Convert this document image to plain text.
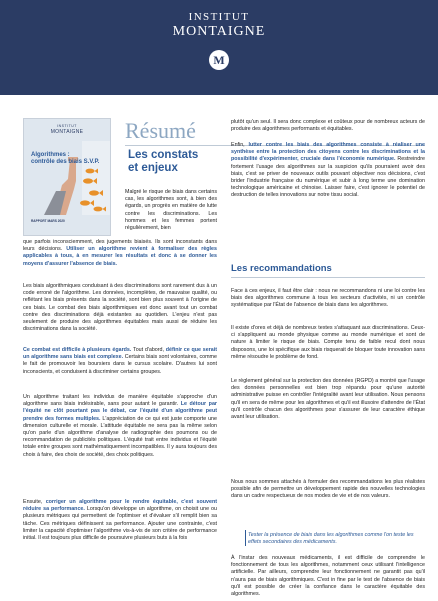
INSTITUT
MONTAIGNE
M
INSTITUT
MONTAIGNE
Algorithmes :
contrôle des biais S.V.P.
RAPPORT MARS 2020
Résumé
Les constats
et enjeux

Malgré le risque de biais dans certains cas, les algorithmes sont, à bien des égards, un progrès en matière de lutte contre les discriminations. Les hommes et les femmes portent régulièrement, bien

que parfois inconsciemment, des jugements biaisés. Ils sont inconstants dans leurs décisions. Utiliser un algorithme revient à formaliser des règles applicables à tous, à en mesurer les résultats et donc à se donner les moyens d'assurer l'absence de biais.

Les biais algorithmiques conduisant à des discriminations sont rarement dus à un code erroné de l'algorithme. Les données, incomplètes, de mauvaise qualité, ou reflétant les biais présents dans la société, sont bien plus souvent à l'origine de ces biais. Le combat des biais algorithmiques est donc avant tout un combat contre des discriminations déjà existantes au quotidien. L'enjeu n'est pas seulement de produire des algorithmes équitables mais aussi de réduire les discriminations dans la société.

Ce combat est difficile à plusieurs égards. Tout d'abord, définir ce que serait un algorithme sans biais est complexe. Certains biais sont volontaires, comme le fait de promouvoir les boursiers dans le cursus scolaire. D'autres lui sont inconscients, et conduisent à discriminer certains groupes.

Un algorithme traitant les individus de manière équitable s'approche d'un algorithme sans biais indésirable, sans pour autant le garantir. Le détour par l'équité ne clôt pourtant pas le débat, car l'équité d'un algorithme peut prendre des formes multiples. L'appréciation de ce qui est juste comporte une dimension culturelle et morale. L'attitude équitable ne sera pas la même selon qu'on parle d'un algorithme d'analyse de radiographie des poumons ou de recommandation de publicités politiques. L'équité trait entre individus et l'équité totale entre groupes sont mathématiquement incompatibles. Il y aura toujours des choix à faire, des choix de société, des choix politiques.

Ensuite, corriger un algorithme pour le rendre équitable, c'est souvent réduire sa performance. Lorsqu'on développe un algorithme, on choisit une ou plusieurs métriques qui permettent de l'optimiser et d'évaluer s'il remplit bien sa tâche. Ces métriques définissent sa performance. Ajouter une contrainte, c'est limiter la capacité d'optimiser l'algorithme vis-à-vis de son critère de performance initial. Il est toujours plus difficile de poursuivre plusieurs buts à la fois

plutôt qu'un seul. Il sera donc complexe et coûteux pour de nombreux acteurs de produire des algorithmes performants et équitables.

Enfin, lutter contre les biais des algorithmes consiste à réaliser une synthèse entre la protection des citoyens contre les discriminations et la possibilité d'expérimenter, cruciale dans l'économie numérique. Restreindre fortement l'usage des algorithmes sur la suspicion qu'ils pourraient avoir des biais, c'est se priver de nouveaux outils pouvant objectiver nos décisions, c'est brider l'industrie française du numérique et subir à long terme une domination technologique américaine et chinoise. Laisser faire, c'est ignorer le potentiel de destruction de telles innovations sur notre tissu social.

Les recommandations

Face à ces enjeux, il faut être clair : nous ne recommandons ni une loi contre les biais des algorithmes commune à tous les secteurs d'activités, ni un contrôle systématique par l'État de l'absence de biais dans les algorithmes.

Il existe d'ores et déjà de nombreux textes s'attaquant aux discriminations. Ceux-ci s'appliquent au monde physique comme au monde numérique et sont de nature à limiter le risque de biais. Compte tenu de faible recul dont nous disposons, une loi spécifique aux biais risquerait de bloquer toute innovation sans même résoudre le problème de fond.

Le règlement général sur la protection des données (RGPD) a montré que l'usage des données personnelles est bien trop répandu pour qu'une autorité administrative puisse en contrôler l'intégralité avant leur utilisation. Nous pensons qu'il en sera de même pour les algorithmes et qu'il est illusoire d'attendre de l'État qu'il contrôle chacun des algorithmes pour s'assurer de leur caractère éthique avant leur utilisation.

Nous nous sommes attachés à formuler des recommandations les plus réalistes possible afin de permettre un développement rapide des nouvelles technologies dans un cadre respectueux de nos modes de vie et de nos valeurs.

Tester la présence de biais dans les algorithmes comme l'on teste les effets secondaires des médicaments.

À l'instar des nouveaux médicaments, il est difficile de comprendre le fonctionnement de tous les algorithmes, notamment ceux utilisant l'intelligence artificielle. Par ailleurs, comprendre leur fonctionnement ne garantit pas qu'il n'aura pas de biais algorithmiques. C'est in fine par le test de l'absence de biais qu'il est possible de créer la confiance dans le caractère équitable des algorithmes.
